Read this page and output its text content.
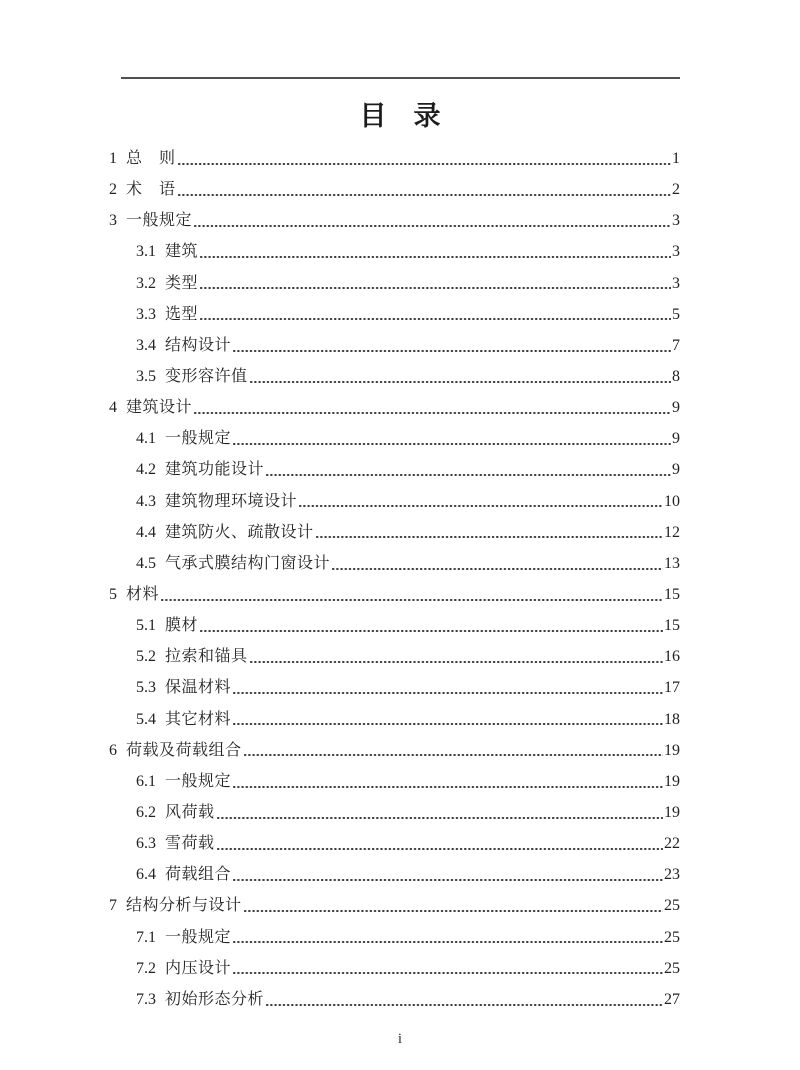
目　录
1 总　则	1
2 术　语	2
3 一般规定	3
3.1 建筑	3
3.2 类型	3
3.3 选型	5
3.4 结构设计	7
3.5 变形容许值	8
4 建筑设计	9
4.1 一般规定	9
4.2 建筑功能设计	9
4.3 建筑物理环境设计	10
4.4 建筑防火、疏散设计	12
4.5 气承式膜结构门窗设计	13
5 材料	15
5.1 膜材	15
5.2 拉索和锚具	16
5.3 保温材料	17
5.4 其它材料	18
6 荷载及荷载组合	19
6.1 一般规定	19
6.2 风荷载	19
6.3 雪荷载	22
6.4 荷载组合	23
7 结构分析与设计	25
7.1 一般规定	25
7.2 内压设计	25
7.3 初始形态分析	27
i
